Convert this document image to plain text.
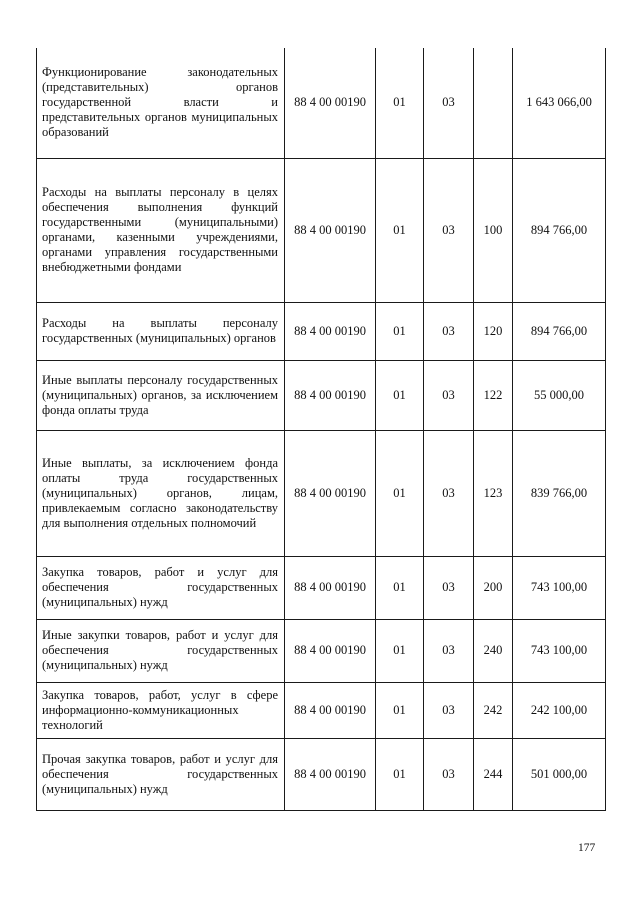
Функционирование законодательных (представительных) органов государственной власти и представительных органов муниципальных образований	88 4 00 00190	01	03		1 643 066,00
Расходы на выплаты персоналу в целях обеспечения выполнения функций государственными (муниципальными) органами, казенными учреждениями, органами управления государственными внебюджетными фондами	88 4 00 00190	01	03	100	894 766,00
Расходы на выплаты персоналу государственных (муниципальных) органов	88 4 00 00190	01	03	120	894 766,00
Иные выплаты персоналу государственных (муниципальных) органов, за исключением фонда оплаты труда	88 4 00 00190	01	03	122	55 000,00
Иные выплаты, за исключением фонда оплаты труда государственных (муниципальных) органов, лицам, привлекаемым согласно законодательству для выполнения отдельных полномочий	88 4 00 00190	01	03	123	839 766,00
Закупка товаров, работ и услуг для обеспечения государственных (муниципальных) нужд	88 4 00 00190	01	03	200	743 100,00
Иные закупки товаров, работ и услуг для обеспечения государственных (муниципальных) нужд	88 4 00 00190	01	03	240	743 100,00
Закупка товаров, работ, услуг в сфере информационно-коммуникационных технологий	88 4 00 00190	01	03	242	242 100,00
Прочая закупка товаров, работ и услуг для обеспечения государственных (муниципальных) нужд	88 4 00 00190	01	03	244	501 000,00
177
